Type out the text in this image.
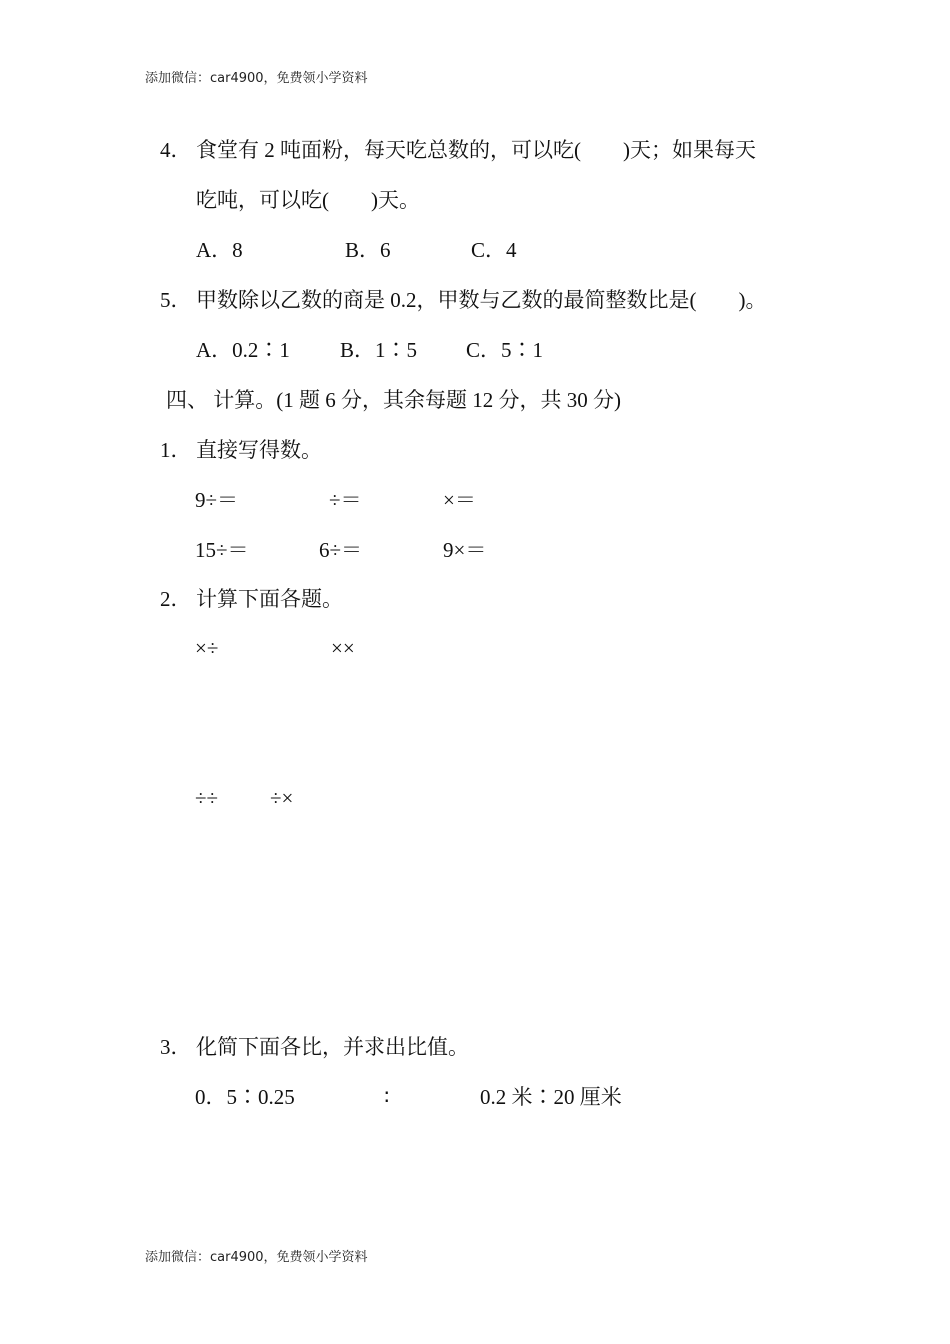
添加微信：car4900，免费领小学资料
4． 食堂有 2 吨面粉，每天吃总数的，可以吃(　　)天；如果每天
吃吨，可以吃(　　)天。
A．8	B．6	C．4
5． 甲数除以乙数的商是 0.2，甲数与乙数的最简整数比是(　　)。
A．0.2∶1 B．1∶5 C．5∶1
四、 计算。(1 题 6 分，其余每题 12 分，共 30 分)
1． 直接写得数。
9÷＝	÷＝	×＝
15÷＝	6÷＝	9×＝
2． 计算下面各题。
×÷	××
÷÷ ÷×
3． 化简下面各比，并求出比值。
0．5∶0.25	∶	0.2 米∶20 厘米
添加微信：car4900，免费领小学资料
